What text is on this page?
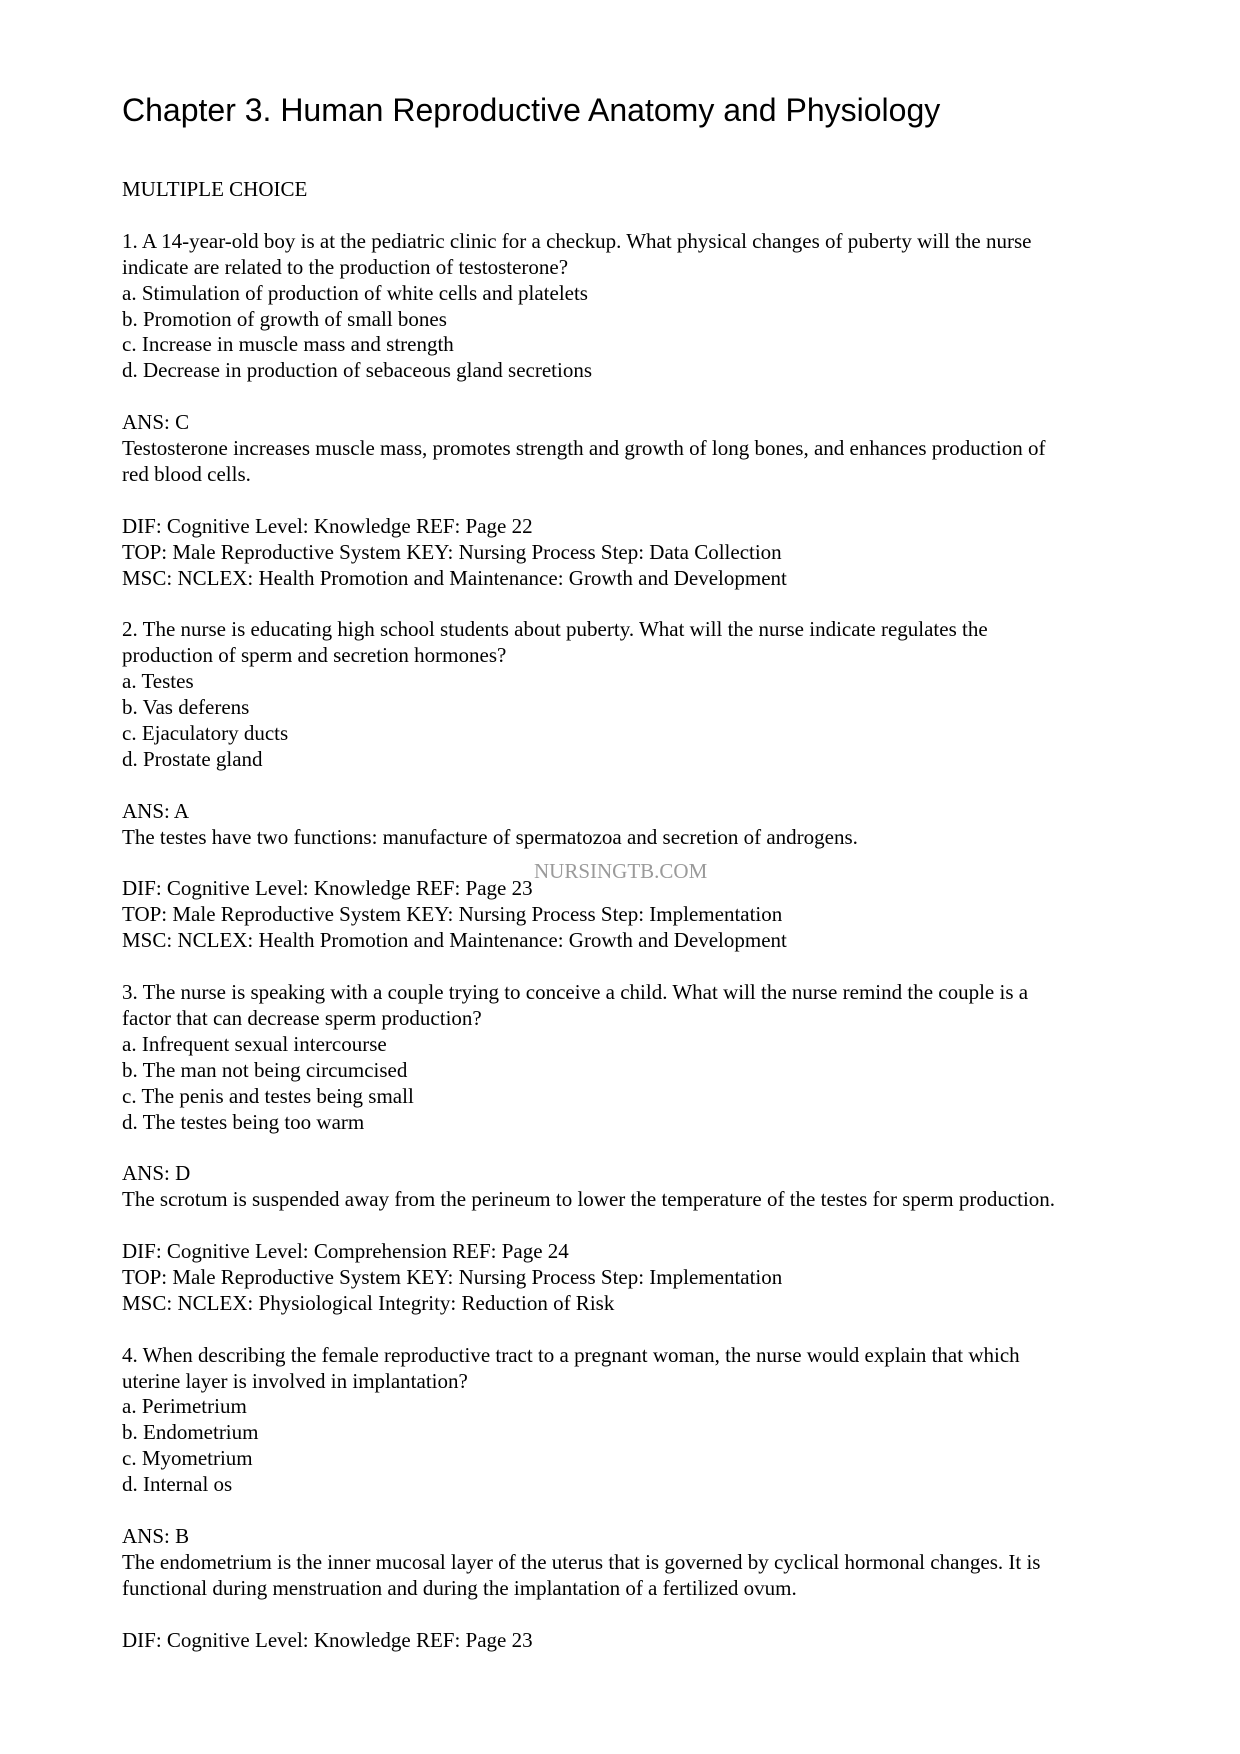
Chapter 3. Human Reproductive Anatomy and Physiology

MULTIPLE CHOICE

1. A 14-year-old boy is at the pediatric clinic for a checkup. What physical changes of puberty will the nurse
indicate are related to the production of testosterone?
a. Stimulation of production of white cells and platelets
b. Promotion of growth of small bones
c. Increase in muscle mass and strength
d. Decrease in production of sebaceous gland secretions

ANS: C
Testosterone increases muscle mass, promotes strength and growth of long bones, and enhances production of
red blood cells.

DIF: Cognitive Level: Knowledge REF: Page 22
TOP: Male Reproductive System KEY: Nursing Process Step: Data Collection
MSC: NCLEX: Health Promotion and Maintenance: Growth and Development

2. The nurse is educating high school students about puberty. What will the nurse indicate regulates the
production of sperm and secretion hormones?
a. Testes
b. Vas deferens
c. Ejaculatory ducts
d. Prostate gland

ANS: A
The testes have two functions: manufacture of spermatozoa and secretion of androgens.

DIF: Cognitive Level: Knowledge REF: Page 23
TOP: Male Reproductive System KEY: Nursing Process Step: Implementation
MSC: NCLEX: Health Promotion and Maintenance: Growth and Development

3. The nurse is speaking with a couple trying to conceive a child. What will the nurse remind the couple is a
factor that can decrease sperm production?
a. Infrequent sexual intercourse
b. The man not being circumcised
c. The penis and testes being small
d. The testes being too warm

ANS: D
The scrotum is suspended away from the perineum to lower the temperature of the testes for sperm production.

DIF: Cognitive Level: Comprehension REF: Page 24
TOP: Male Reproductive System KEY: Nursing Process Step: Implementation
MSC: NCLEX: Physiological Integrity: Reduction of Risk

4. When describing the female reproductive tract to a pregnant woman, the nurse would explain that which
uterine layer is involved in implantation?
a. Perimetrium
b. Endometrium
c. Myometrium
d. Internal os

ANS: B
The endometrium is the inner mucosal layer of the uterus that is governed by cyclical hormonal changes. It is
functional during menstruation and during the implantation of a fertilized ovum.

DIF: Cognitive Level: Knowledge REF: Page 23

NURSINGTB.COM
